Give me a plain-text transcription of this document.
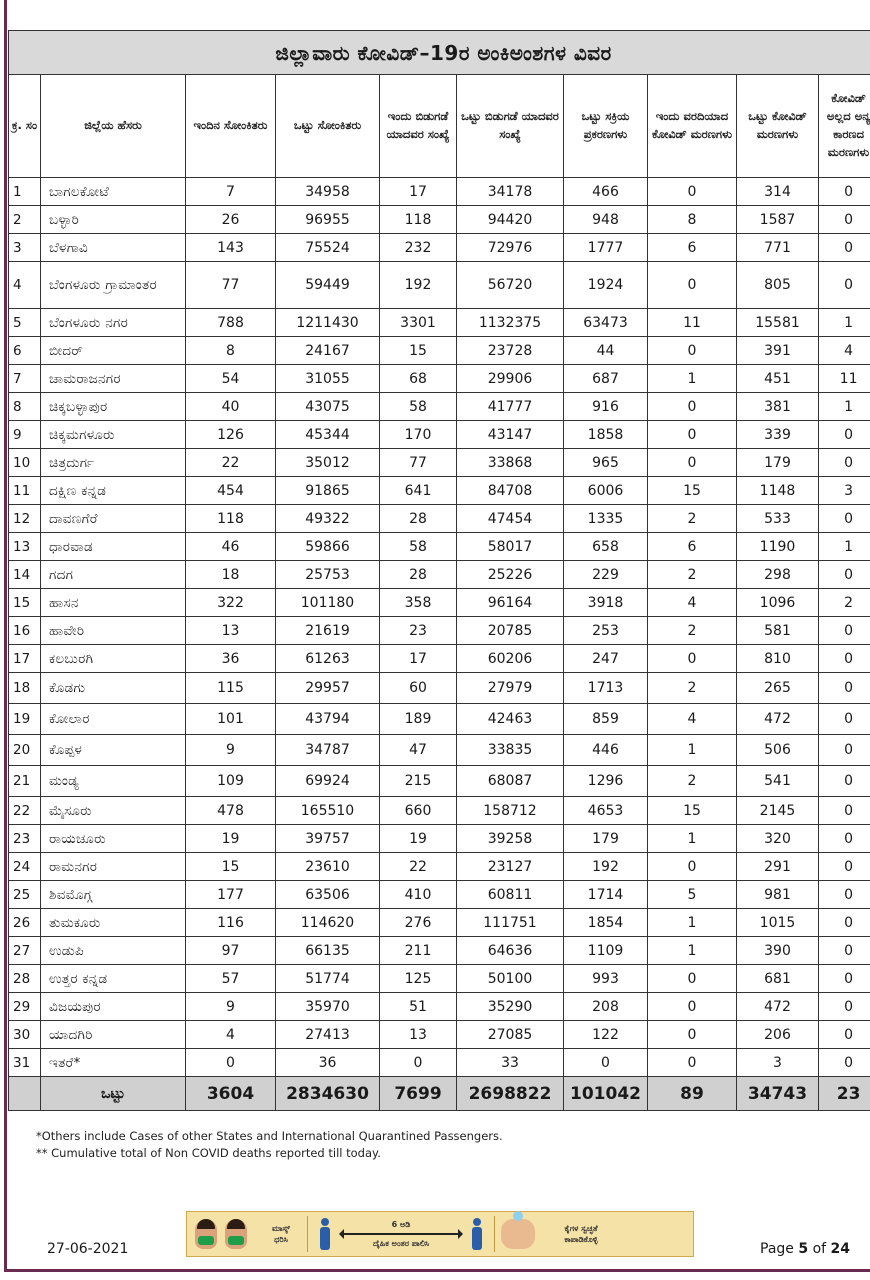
ಜಿಲ್ಲಾವಾರು ಕೋವಿಡ್–19ರ ಅಂಕಿಅಂಶಗಳ ವಿವರ									
ಕ್ರ. ಸಂ	ಜಿಲ್ಲೆಯ ಹೆಸರು	ಇಂದಿನ ಸೋಂಕಿತರು	ಒಟ್ಟು ಸೋಂಕಿತರು	ಇಂದು ಬಿಡುಗಡೆ ಯಾದವರ ಸಂಖ್ಯೆ	ಒಟ್ಟು ಬಿಡುಗಡೆ ಯಾದವರ ಸಂಖ್ಯೆ	ಒಟ್ಟು ಸಕ್ರಿಯ ಪ್ರಕರಣಗಳು	ಇಂದು ವರದಿಯಾದ ಕೋವಿಡ್ ಮರಣಗಳು	ಒಟ್ಟು ಕೋವಿಡ್ ಮರಣಗಳು	ಕೋವಿಡ್ ಅಲ್ಲದ ಅನ್ಯ ಕಾರಣದ ಮರಣಗಳು
1	ಬಾಗಲಕೋಟೆ	7	34958	17	34178	466	0	314	0
2	ಬಳ್ಳಾರಿ	26	96955	118	94420	948	8	1587	0
3	ಬೆಳಗಾವಿ	143	75524	232	72976	1777	6	771	0
4	ಬೆಂಗಳೂರು ಗ್ರಾಮಾಂತರ	77	59449	192	56720	1924	0	805	0
5	ಬೆಂಗಳೂರು ನಗರ	788	1211430	3301	1132375	63473	11	15581	1
6	ಬೀದರ್	8	24167	15	23728	44	0	391	4
7	ಚಾಮರಾಜನಗರ	54	31055	68	29906	687	1	451	11
8	ಚಿಕ್ಕಬಳ್ಳಾಪುರ	40	43075	58	41777	916	0	381	1
9	ಚಿಕ್ಕಮಗಳೂರು	126	45344	170	43147	1858	0	339	0
10	ಚಿತ್ರದುರ್ಗ	22	35012	77	33868	965	0	179	0
11	ದಕ್ಷಿಣ ಕನ್ನಡ	454	91865	641	84708	6006	15	1148	3
12	ದಾವಣಗೆರೆ	118	49322	28	47454	1335	2	533	0
13	ಧಾರವಾಡ	46	59866	58	58017	658	6	1190	1
14	ಗದಗ	18	25753	28	25226	229	2	298	0
15	ಹಾಸನ	322	101180	358	96164	3918	4	1096	2
16	ಹಾವೇರಿ	13	21619	23	20785	253	2	581	0
17	ಕಲಬುರಗಿ	36	61263	17	60206	247	0	810	0
18	ಕೊಡಗು	115	29957	60	27979	1713	2	265	0
19	ಕೋಲಾರ	101	43794	189	42463	859	4	472	0
20	ಕೊಪ್ಪಳ	9	34787	47	33835	446	1	506	0
21	ಮಂಡ್ಯ	109	69924	215	68087	1296	2	541	0
22	ಮೈಸೂರು	478	165510	660	158712	4653	15	2145	0
23	ರಾಯಚೂರು	19	39757	19	39258	179	1	320	0
24	ರಾಮನಗರ	15	23610	22	23127	192	0	291	0
25	ಶಿವಮೊಗ್ಗ	177	63506	410	60811	1714	5	981	0
26	ತುಮಕೂರು	116	114620	276	111751	1854	1	1015	0
27	ಉಡುಪಿ	97	66135	211	64636	1109	1	390	0
28	ಉತ್ತರ ಕನ್ನಡ	57	51774	125	50100	993	0	681	0
29	ವಿಜಯಪುರ	9	35970	51	35290	208	0	472	0
30	ಯಾದಗಿರಿ	4	27413	13	27085	122	0	206	0
31	ಇತರೆ*	0	36	0	33	0	0	3	0
	ಒಟ್ಟು	3604	2834630	7699	2698822	101042	89	34743	23
*Others include Cases of other States and International Quarantined Passengers.
** Cumulative total of Non COVID deaths reported till today.
ಮಾಸ್ಕ್
ಧರಿಸಿ
6 ಅಡಿ
ದೈಹಿಕ ಅಂತರ ಪಾಲಿಸಿ
ಕೈಗಳ ಸ್ವಚ್ಛತೆ
ಕಾಪಾಡಿಕೊಳ್ಳಿ
27-06-2021	Page 5 of 24
